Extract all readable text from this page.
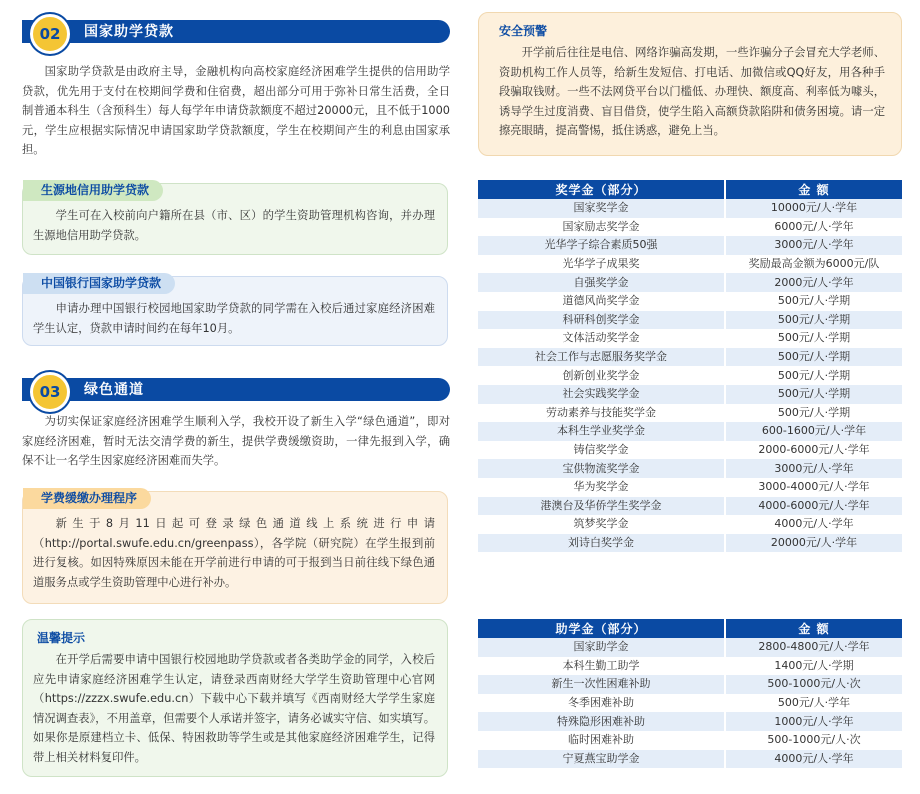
02	国家助学贷款
国家助学贷款是由政府主导，金融机构向高校家庭经济困难学生提供的信用助学贷款，优先用于支付在校期间学费和住宿费，超出部分可用于弥补日常生活费，全日制普通本科生（含预科生）每人每学年申请贷款额度不超过20000元，且不低于1000元，学生应根据实际情况申请国家助学贷款额度，学生在校期间产生的利息由国家承担。
生源地信用助学贷款
学生可在入校前向户籍所在县（市、区）的学生资助管理机构咨询，并办理生源地信用助学贷款。
中国银行国家助学贷款
申请办理中国银行校园地国家助学贷款的同学需在入校后通过家庭经济困难学生认定，贷款申请时间约在每年10月。
03	绿色通道
为切实保证家庭经济困难学生顺利入学，我校开设了新生入学“绿色通道”，即对家庭经济困难，暂时无法交清学费的新生，提供学费缓缴资助，一律先报到入学，确保不让一名学生因家庭经济困难而失学。
学费缓缴办理程序
新生于8月11日起可登录绿色通道线上系统进行申请（http://portal.swufe.edu.cn/greenpass），各学院（研究院）在学生报到前进行复核。如因特殊原因未能在开学前进行申请的可于报到当日前往线下绿色通道服务点或学生资助管理中心进行补办。
温馨提示
在开学后需要申请中国银行校园地助学贷款或者各类助学金的同学，入校后应先申请家庭经济困难学生认定，请登录西南财经大学学生资助管理中心官网（https://zzzx.swufe.edu.cn）下载中心下载并填写《西南财经大学学生家庭情况调查表》，不用盖章，但需要个人承诺并签字，请务必诚实守信、如实填写。如果你是原建档立卡、低保、特困救助等学生或是其他家庭经济困难学生，记得带上相关材料复印件。
安全预警
开学前后往往是电信、网络诈骗高发期，一些诈骗分子会冒充大学老师、资助机构工作人员等，给新生发短信、打电话、加微信或QQ好友，用各种手段骗取钱财。一些不法网贷平台以门槛低、办理快、额度高、利率低为噱头，诱导学生过度消费、盲目借贷，使学生陷入高额贷款陷阱和债务困境。请一定擦亮眼睛，提高警惕，抵住诱惑，避免上当。
奖学金（部分）	金 额
国家奖学金	10000元/人·学年
国家励志奖学金	6000元/人·学年
光华学子综合素质50强	3000元/人·学年
光华学子成果奖	奖励最高金额为6000元/队
自强奖学金	2000元/人·学年
道德风尚奖学金	500元/人·学期
科研科创奖学金	500元/人·学期
文体活动奖学金	500元/人·学期
社会工作与志愿服务奖学金	500元/人·学期
创新创业奖学金	500元/人·学期
社会实践奖学金	500元/人·学期
劳动素养与技能奖学金	500元/人·学期
本科生学业奖学金	600-1600元/人·学年
铸信奖学金	2000-6000元/人·学年
宝供物流奖学金	3000元/人·学年
华为奖学金	3000-4000元/人·学年
港澳台及华侨学生奖学金	4000-6000元/人·学年
筑梦奖学金	4000元/人·学年
刘诗白奖学金	20000元/人·学年
助学金（部分）	金 额
国家助学金	2800-4800元/人·学年
本科生勤工助学	1400元/人·学期
新生一次性困难补助	500-1000元/人·次
冬季困难补助	500元/人·学年
特殊隐形困难补助	1000元/人·学年
临时困难补助	500-1000元/人·次
宁夏燕宝助学金	4000元/人·学年
